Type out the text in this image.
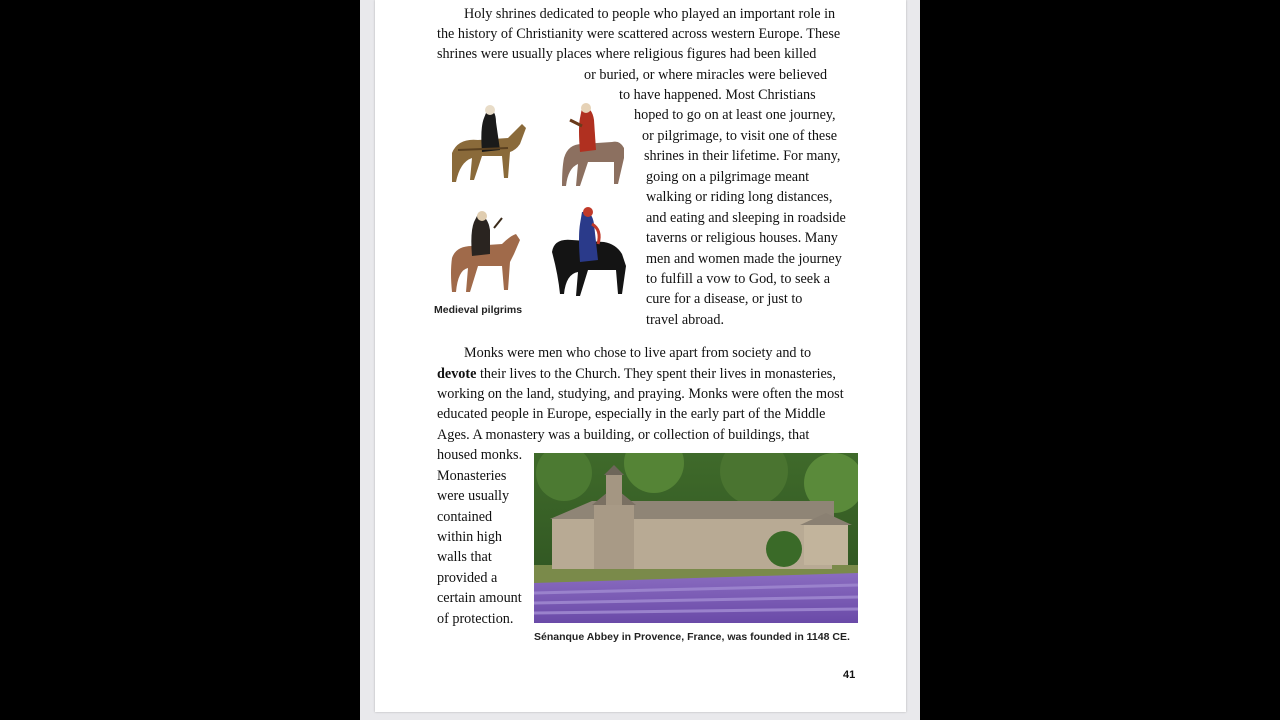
Holy shrines dedicated to people who played an important role in
the history of Christianity were scattered across western Europe. These
shrines were usually places where religious figures had been killed
or buried, or where miracles were believed
to have happened. Most Christians
hoped to go on at least one journey,
or pilgrimage, to visit one of these
shrines in their lifetime. For many,
going on a pilgrimage meant
walking or riding long distances,
and eating and sleeping in roadside
taverns or religious houses. Many
men and women made the journey
to fulfill a vow to God, to seek a
cure for a disease, or just to
travel abroad.
Medieval pilgrims
Monks were men who chose to live apart from society and to
devote their lives to the Church. They spent their lives in monasteries,
working on the land, studying, and praying. Monks were often the most
educated people in Europe, especially in the early part of the Middle
Ages. A monastery was a building, or collection of buildings, that
housed monks.
Monasteries
were usually
contained
within high
walls that
provided a
certain amount
of protection.
Sénanque Abbey in Provence, France, was founded in 1148 CE.
41
